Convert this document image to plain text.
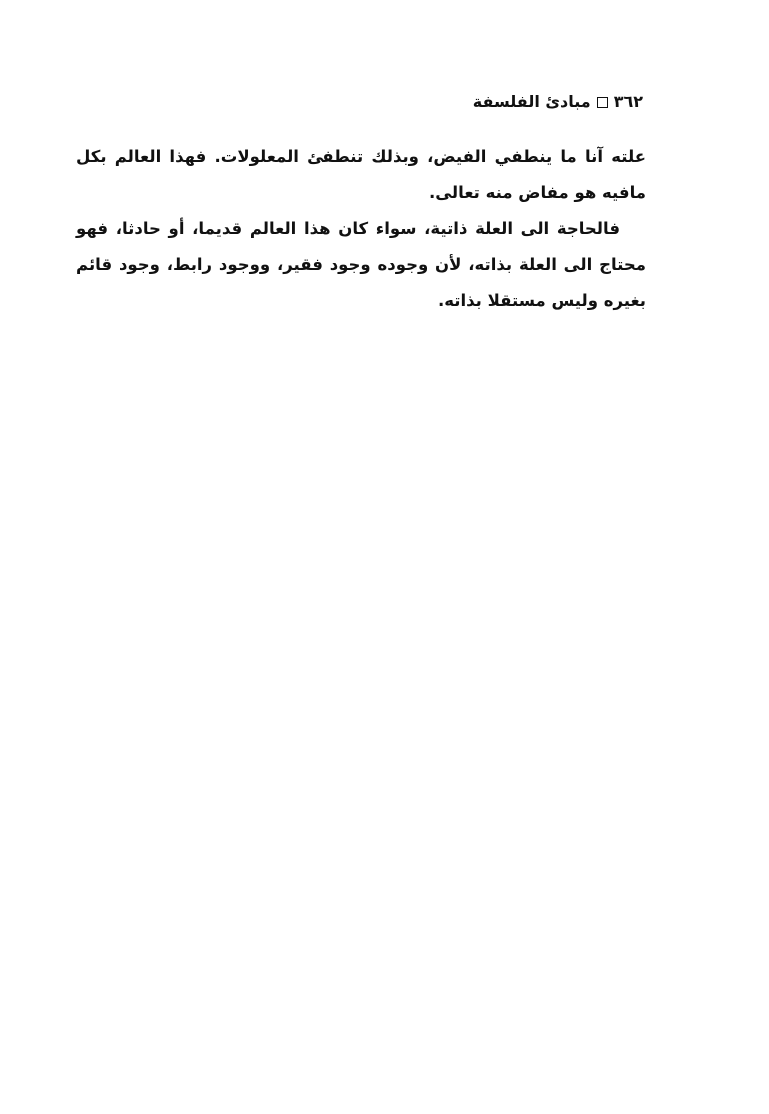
٣٦٢
مبادئ الفلسفة

علته آنا ما ينطفي الفيض، وبذلك تنطفئ المعلولات. فهذا العالم بكل مافيه هو مفاض منه تعالى.

فالحاجة الى العلة ذاتية، سواء كان هذا العالم قديما، أو حادثا، فهو محتاج الى العلة بذاته، لأن وجوده وجود فقير، ووجود رابط، وجود قائم بغيره وليس مستقلا بذاته.
